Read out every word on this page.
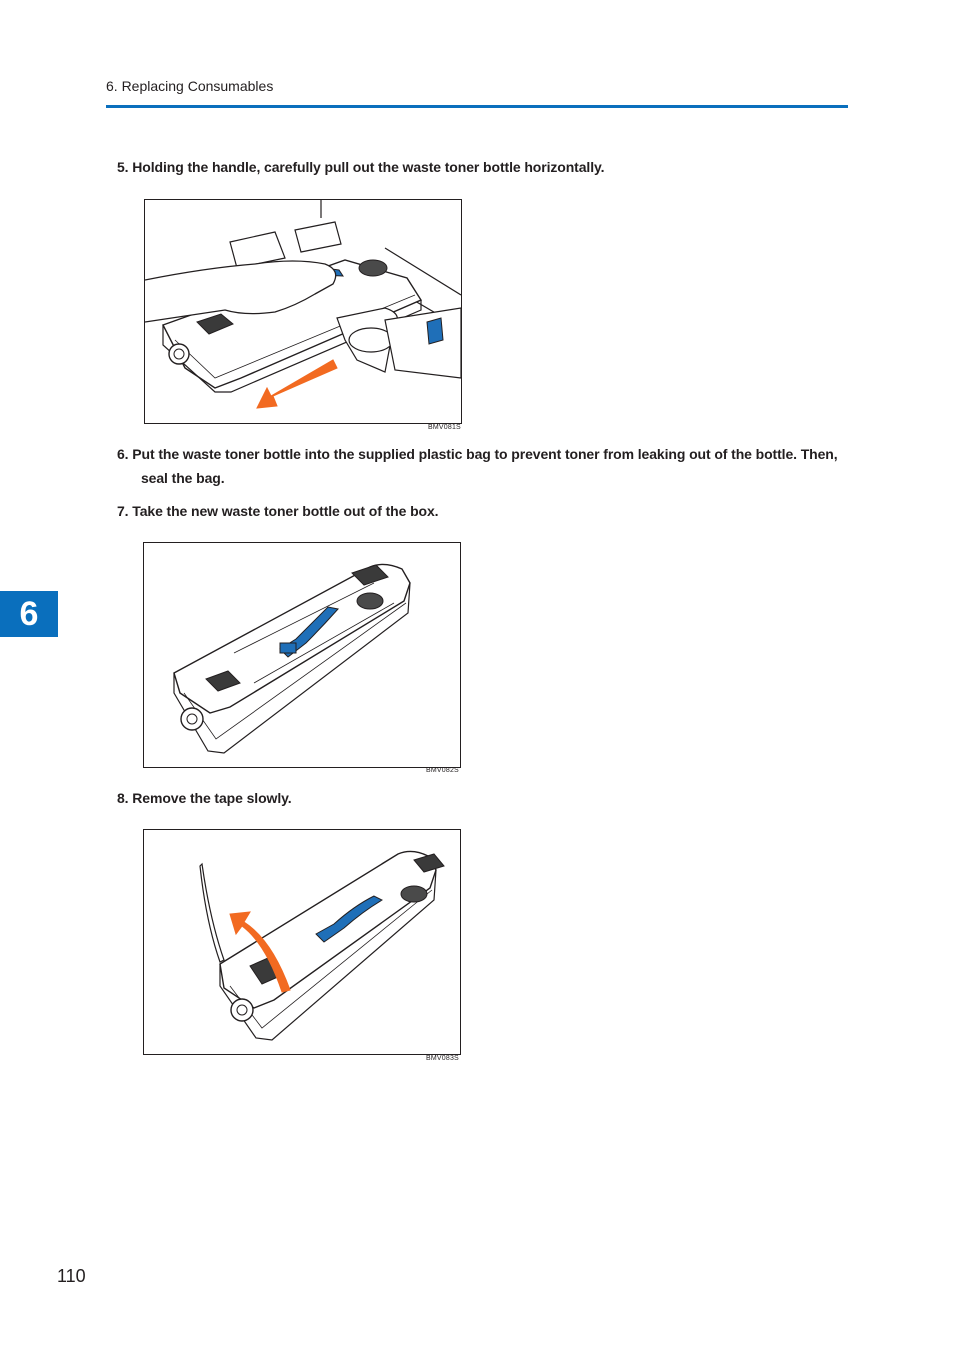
6. Replacing Consumables
5. Holding the handle, carefully pull out the waste toner bottle horizontally.
BMV081S
6. Put the waste toner bottle into the supplied plastic bag to prevent toner from leaking out of the bottle. Then,
seal the bag.
7. Take the new waste toner bottle out of the box.
BMV082S
8. Remove the tape slowly.
BMV083S
6
110
